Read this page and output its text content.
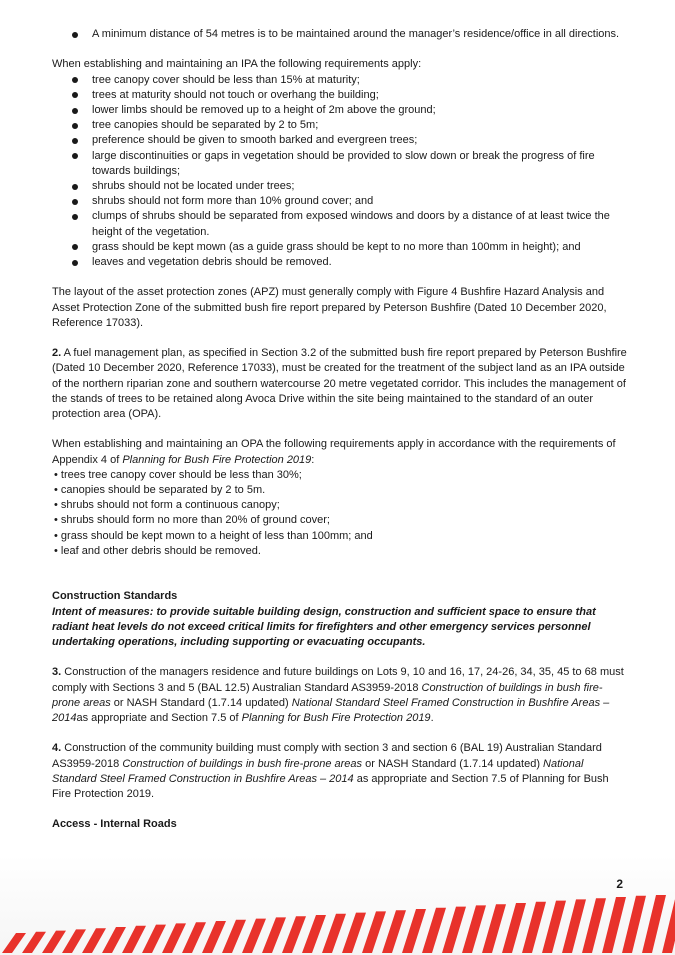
A minimum distance of 54 metres is to be maintained around the manager’s residence/office in all directions.

When establishing and maintaining an IPA the following requirements apply:

tree canopy cover should be less than 15% at maturity;
trees at maturity should not touch or overhang the building;
lower limbs should be removed up to a height of 2m above the ground;
tree canopies should be separated by 2 to 5m;
preference should be given to smooth barked and evergreen trees;
large discontinuities or gaps in vegetation should be provided to slow down or break the progress of fire towards buildings;
shrubs should not be located under trees;
shrubs should not form more than 10% ground cover; and
clumps of shrubs should be separated from exposed windows and doors by a distance of at least twice the height of the vegetation.
grass should be kept mown (as a guide grass should be kept to no more than 100mm in height); and
leaves and vegetation debris should be removed.

The layout of the asset protection zones (APZ) must generally comply with Figure 4 Bushfire Hazard Analysis and Asset Protection Zone of the submitted bush fire report prepared by Peterson Bushfire (Dated 10 December 2020, Reference 17033).

2. A fuel management plan, as specified in Section 3.2 of the submitted bush fire report prepared by Peterson Bushfire (Dated 10 December 2020, Reference 17033), must be created for the treatment of the subject land as an IPA outside of the northern riparian zone and southern watercourse 20 metre vegetated corridor. This includes the management of the stands of trees to be retained along Avoca Drive within the site being maintained to the standard of an outer protection area (OPA).

When establishing and maintaining an OPA the following requirements apply in accordance with the requirements of Appendix 4 of Planning for Bush Fire Protection 2019:

• trees tree canopy cover should be less than 30%;
• canopies should be separated by 2 to 5m.
• shrubs should not form a continuous canopy;
• shrubs should form no more than 20% of ground cover;
• grass should be kept mown to a height of less than 100mm; and
• leaf and other debris should be removed.

Construction Standards

Intent of measures: to provide suitable building design, construction and sufficient space to ensure that radiant heat levels do not exceed critical limits for firefighters and other emergency services personnel undertaking operations, including supporting or evacuating occupants.

3. Construction of the managers residence and future buildings on Lots 9, 10 and 16, 17, 24-26, 34, 35, 45 to 68 must comply with Sections 3 and 5 (BAL 12.5) Australian Standard AS3959-2018 Construction of buildings in bush fire-prone areas or NASH Standard (1.7.14 updated) National Standard Steel Framed Construction in Bushfire Areas – 2014as appropriate and Section 7.5 of Planning for Bush Fire Protection 2019.

4. Construction of the community building must comply with section 3 and section 6 (BAL 19) Australian Standard AS3959-2018 Construction of buildings in bush fire-prone areas or NASH Standard (1.7.14 updated) National Standard Steel Framed Construction in Bushfire Areas – 2014 as appropriate and Section 7.5 of Planning for Bush Fire Protection 2019.

Access - Internal Roads

2
